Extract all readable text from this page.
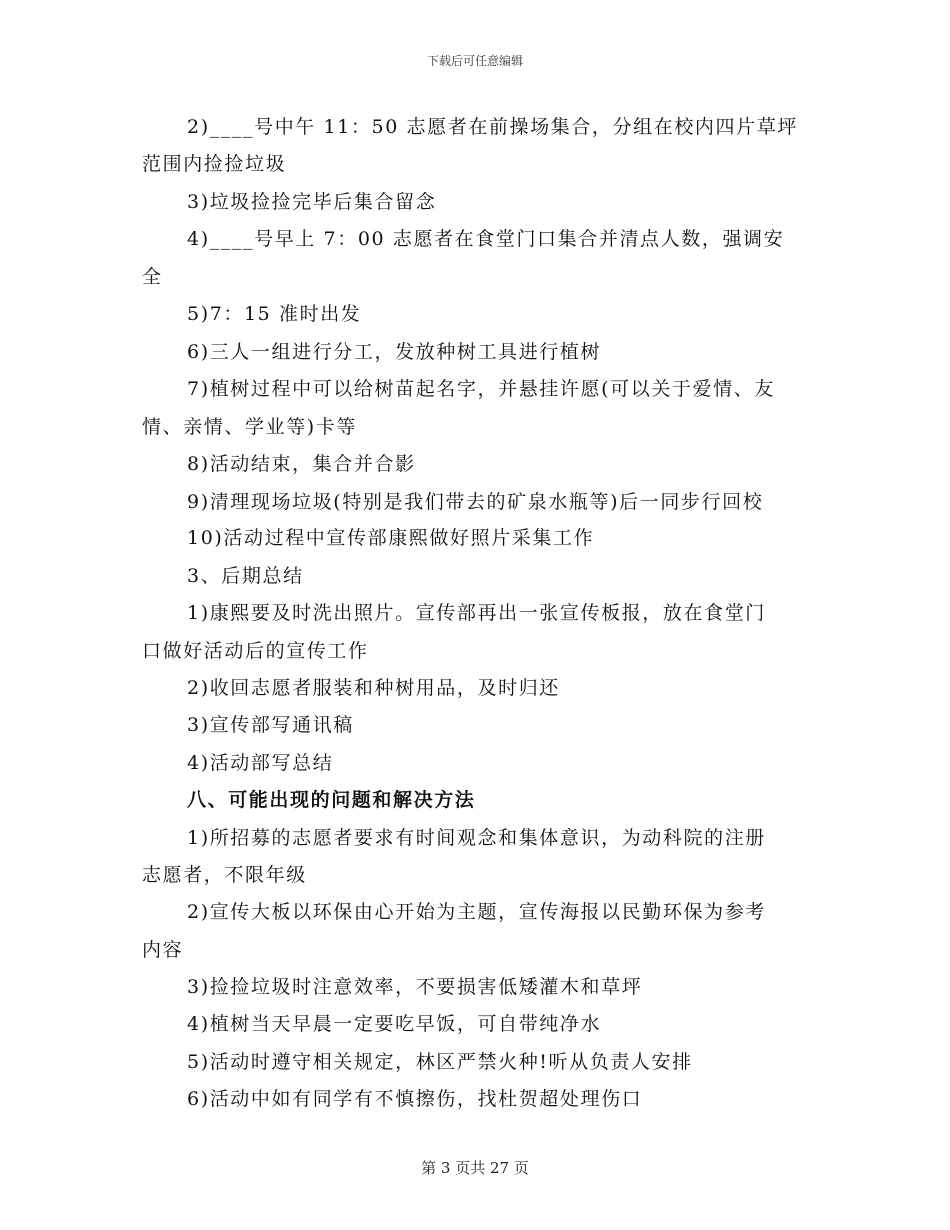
下载后可任意编辑
2)____号中午 11：50 志愿者在前操场集合，分组在校内四片草坪
范围内捡捡垃圾
3)垃圾捡捡完毕后集合留念
4)____号早上 7：00 志愿者在食堂门口集合并清点人数，强调安
全
5)7：15 准时出发
6)三人一组进行分工，发放种树工具进行植树
7)植树过程中可以给树苗起名字，并悬挂许愿(可以关于爱情、友
情、亲情、学业等)卡等
8)活动结束，集合并合影
9)清理现场垃圾(特别是我们带去的矿泉水瓶等)后一同步行回校
10)活动过程中宣传部康熙做好照片采集工作
3、后期总结
1)康熙要及时洗出照片。宣传部再出一张宣传板报，放在食堂门
口做好活动后的宣传工作
2)收回志愿者服装和种树用品，及时归还
3)宣传部写通讯稿
4)活动部写总结
八、可能出现的问题和解决方法
1)所招募的志愿者要求有时间观念和集体意识，为动科院的注册
志愿者，不限年级
2)宣传大板以环保由心开始为主题，宣传海报以民勤环保为参考
内容
3)捡捡垃圾时注意效率，不要损害低矮灌木和草坪
4)植树当天早晨一定要吃早饭，可自带纯净水
5)活动时遵守相关规定，林区严禁火种!听从负责人安排
6)活动中如有同学有不慎擦伤，找杜贺超处理伤口
第 3 页共 27 页
